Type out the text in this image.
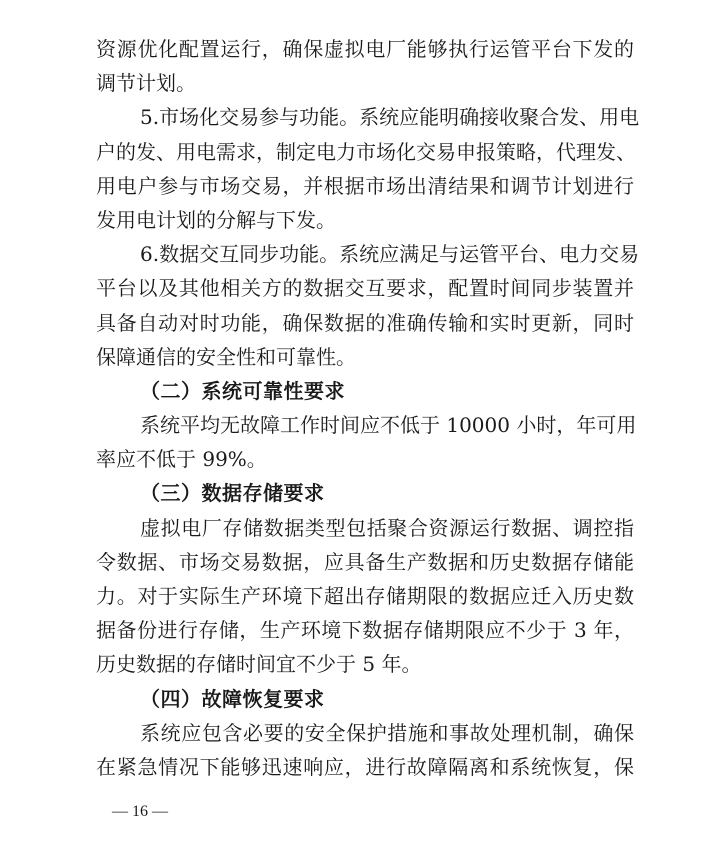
资源优化配置运行，确保虚拟电厂能够执行运管平台下发的
调节计划。
5.市场化交易参与功能。系统应能明确接收聚合发、用电
户的发、用电需求，制定电力市场化交易申报策略，代理发、
用电户参与市场交易，并根据市场出清结果和调节计划进行
发用电计划的分解与下发。
6.数据交互同步功能。系统应满足与运管平台、电力交易
平台以及其他相关方的数据交互要求，配置时间同步装置并
具备自动对时功能，确保数据的准确传输和实时更新，同时
保障通信的安全性和可靠性。
（二）系统可靠性要求
系统平均无故障工作时间应不低于 10000 小时，年可用
率应不低于 99%。
（三）数据存储要求
虚拟电厂存储数据类型包括聚合资源运行数据、调控指
令数据、市场交易数据，应具备生产数据和历史数据存储能
力。对于实际生产环境下超出存储期限的数据应迁入历史数
据备份进行存储，生产环境下数据存储期限应不少于 3 年，
历史数据的存储时间宜不少于 5 年。
（四）故障恢复要求
系统应包含必要的安全保护措施和事故处理机制，确保
在紧急情况下能够迅速响应，进行故障隔离和系统恢复，保
— 16 —
